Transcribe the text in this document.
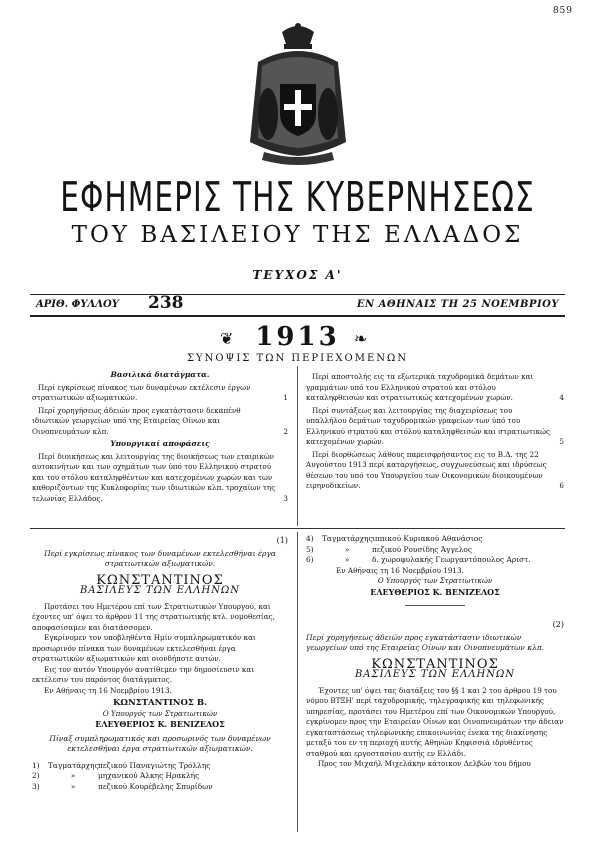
859
ΕΦΗΜΕΡΙΣ ΤΗΣ ΚΥΒΕΡΝΗΣΕΩΣ
ΤΟΥ ΒΑΣΙΛΕΙΟΥ ΤΗΣ ΕΛΛΑΔΟΣ
ΤΕΥΧΟΣ Α'
ΑΡΙΘ. ΦΥΛΛΟΥ 238	ΕΝ ΑΘΗΝΑΙΣ ΤΗ 25 ΝΟΕΜΒΡΙΟΥ
❦ 1913 ❧
ΣΥΝΟΨΙΣ ΤΩΝ ΠΕΡΙΕΧΟΜΕΝΩΝ
Βασιλικά διατάγματα.
Περί εγκρίσεως πίνακος των δυναμένων εκτέλεσιν έργων στρατιωτικών αξιωματικών.	1
Περί χορηγήσεως άδειών προς εγκατάστασιν δεκαπένθ ιδιωτικών γεωργείων υπό της Εταιρείας Οίνων και Οινοπνευμάτων κλπ.	2
Υπουργικαί αποφάσεις
Περί διοικήσεως και λειτουργίας της διοικήσεως των εταιρικών αυτοκινήτων και των οχημάτων των ύπό του Ελληνικού στρατού και του στόλου καταληφθέντων και κατεχομένων χωρών και των καθοριζόντων της Κυκλοφορίας των ιδιωτικών κλπ. τροχαίων της τελωνίας Ελλάδος.	3
Περί αποστολής εις τα εξωτερικά ταχυδρομικά δεμάτων και γραμμάτων υπό του Ελληνικού στρατού και στόλου καταληφθεισών και στρατιωτικώς κατεχομένων χωρών.	4
Περί συντάξεως και λειτουργίας της διαχειρίσεως του υπαλλήλου δεμάτων ταχυδρομικών γραφείων των ύπό του Ελληνικού στρατού και στόλου καταληφθεισών και στρατιωτικώς κατεχομένων χωρών.	5
Περί διορθώσεως λάθους παρεισφρήσαντος εις το Β.Δ. της 22 Αυγούστου 1913 περί καταργήσεως, συγχωνεύσεως και ιδρύσεως θέσεων του υπό του Υπουργείου των Οικονομικών διοικουμένων ειρηνοδικείων.	6
(1)
Περί εγκρίσεως πίνακος των δυναμένων εκτελεσθήναι έργα στρατιωτικών αξιωματικών.
ΚΩΝΣΤΑΝΤΙΝΟΣ
ΒΑΣΙΛΕΥΣ ΤΩΝ ΕΛΛΗΝΩΝ

Προτάσει του Ημετέρου επί των Στρατιωτικών Υπουργού, και έχοντες υπ' όψει το άρθρον 11 της στρατιωτικής κτλ. νομοθεσίας, αποφασίσαμεν και διατάσσομεν.

Εγκρίνομεν τον υποβληθέντα Ημίν συμπληρωματικόν και προσωρινόν πίνακα των δυναμένων εκτελεσθήναι έργα στρατιωτικών αξιωματικών και οιονδήποτε αυτών.

Εις τον αυτόν Υπουργόν ανατίθεμεν την δημοσίευσιν και εκτέλεσιν του παρόντος διατάγματος.

Εν Αθήναις τη 16 Νοεμβρίου 1913.

ΚΩΝΣΤΑΝΤΙΝΟΣ Β.
Ο Υπουργός των Στρατιωτικών
ΕΛΕΥΘΕΡΙΟΣ Κ. ΒΕΝΙΖΕΛΟΣ
Πίναξ συμπληρωματικός και προσωρινός των δυναμένων εκτελεσθήναι έργα στρατιωτικών αξιωματικών.
1)	Ταγματάρχης πεζικού Παναγιώτης Τρόλλης
2)	»	μηχανικού Άλκης Ηρακλής
3)	»	πεζικού Κουρέβελης Σπυρίδων
4)	Ταγματάρχης ιππικού Κυριακού Αθανάσιος
5)	»	πεζικού Ρουσίδης Άγγελος
6)	»	δ. χωροφυλακής Γεωργαντόπουλος Αριστ.
Εν Αθήναις τη 16 Νοεμβρίου 1913.
Ο Υπουργός των Στρατιωτικών
ΕΛΕΥΘΕΡΙΟΣ Κ. ΒΕΝΙΖΕΛΟΣ
(2)
Περί χορηγήσεως άδειών προς εγκατάστασιν ιδιωτικών γεωργείων υπό της Εταιρείας Οίνων και Οινοπνευμάτων κλπ.
ΚΩΝΣΤΑΝΤΙΝΟΣ
ΒΑΣΙΛΕΥΣ ΤΩΝ ΕΛΛΗΝΩΝ

Έχοντες υπ' όψει τας διατάξεις του §§ 1 και 2 του άρθρου 19 του νόμου ΒΤΞΗ' περί ταχυδρομικής, τηλεγραφικής και τηλεφωνικής υπηρεσίας, προτάσει του Ημετέρου επί των Οικονομικών Υπουργού, εγκρίνομεν προς την Εταιρείαν Οίνων και Οινοπνευμάτων την άδειαν εγκαταστάσεως τηλεφωνικής επικοινωνίας ένεκα της διακίνησης μεταξύ του εν τη περιοχή αυτής Αθηνών Κηφισσιά ιδρυθέντος σταθμού και εργοστασίου αυτής εν Ελλάδι.

Προς τον Μιχαήλ Μιχελάκην κάτοικον Δελβών του δήμου
